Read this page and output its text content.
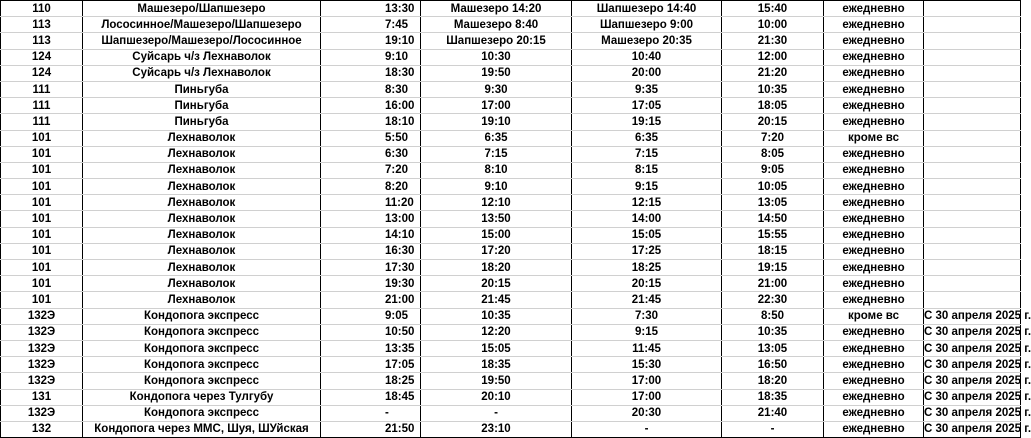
110	Машезеро/Шапшезеро	13:30	Машезеро 14:20	Шапшезеро 14:40	15:40	ежедневно	
113	Лососинное/Машезеро/Шапшезеро	7:45	Машезеро 8:40	Шапшезеро 9:00	10:00	ежедневно	
113	Шапшезеро/Машезеро/Лососинное	19:10	Шапшезеро 20:15	Машезеро 20:35	21:30	ежедневно	
124	Суйсарь ч/з Лехнаволок	9:10	10:30	10:40	12:00	ежедневно	
124	Суйсарь ч/з Лехнаволок	18:30	19:50	20:00	21:20	ежедневно	
111	Пиньгуба	8:30	9:30	9:35	10:35	ежедневно	
111	Пиньгуба	16:00	17:00	17:05	18:05	ежедневно	
111	Пиньгуба	18:10	19:10	19:15	20:15	ежедневно	
101	Лехнаволок	5:50	6:35	6:35	7:20	кроме вс	
101	Лехнаволок	6:30	7:15	7:15	8:05	ежедневно	
101	Лехнаволок	7:20	8:10	8:15	9:05	ежедневно	
101	Лехнаволок	8:20	9:10	9:15	10:05	ежедневно	
101	Лехнаволок	11:20	12:10	12:15	13:05	ежедневно	
101	Лехнаволок	13:00	13:50	14:00	14:50	ежедневно	
101	Лехнаволок	14:10	15:00	15:05	15:55	ежедневно	
101	Лехнаволок	16:30	17:20	17:25	18:15	ежедневно	
101	Лехнаволок	17:30	18:20	18:25	19:15	ежедневно	
101	Лехнаволок	19:30	20:15	20:15	21:00	ежедневно	
101	Лехнаволок	21:00	21:45	21:45	22:30	ежедневно	
132Э	Кондопога экспресс	9:05	10:35	7:30	8:50	кроме вс	С 30 апреля 2025 г.
132Э	Кондопога экспресс	10:50	12:20	9:15	10:35	ежедневно	С 30 апреля 2025 г.
132Э	Кондопога экспресс	13:35	15:05	11:45	13:05	ежедневно	С 30 апреля 2025 г.
132Э	Кондопога экспресс	17:05	18:35	15:30	16:50	ежедневно	С 30 апреля 2025 г.
132Э	Кондопога экспресс	18:25	19:50	17:00	18:20	ежедневно	С 30 апреля 2025 г.
131	Кондопога через Тулгубу	18:45	20:10	17:00	18:35	ежедневно	С 30 апреля 2025 г.
132Э	Кондопога экспресс	-	-	20:30	21:40	ежедневно	С 30 апреля 2025 г.
132	Кондопога через ММС, Шуя, ШУйская	21:50	23:10	-	-	ежедневно	С 30 апреля 2025 г.
